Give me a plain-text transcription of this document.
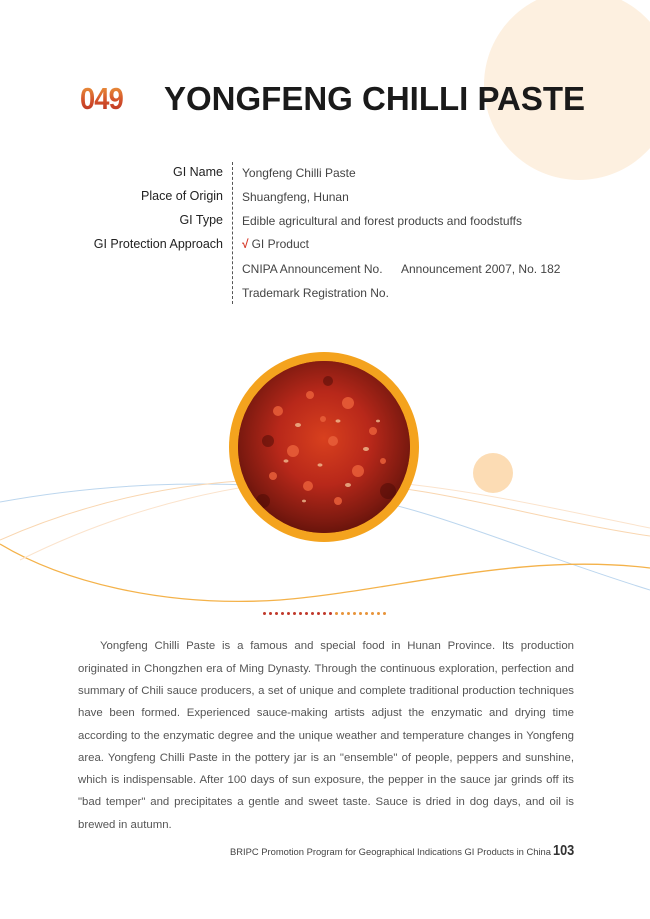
049 YONGFENG CHILLI PASTE
GI Name Yongfeng Chilli Paste
Place of Origin Shuangfeng, Hunan
GI Type Edible agricultural and forest products and foodstuffs
GI Protection Approach √ GI Product
CNIPA Announcement No. Announcement 2007, No. 182
Trademark Registration No.

Yongfeng Chilli Paste is a famous and special food in Hunan Province. Its production originated in Chongzhen era of Ming Dynasty. Through the continuous exploration, perfection and summary of Chili sauce producers, a set of unique and complete traditional production techniques have been formed. Experienced sauce-making artists adjust the enzymatic and drying time according to the enzymatic degree and the unique weather and temperature changes in Yongfeng area. Yongfeng Chilli Paste in the pottery jar is an "ensemble" of people, peppers and sunshine, which is indispensable. After 100 days of sun exposure, the pepper in the sauce jar grinds off its "bad temper" and precipitates a gentle and sweet taste. Sauce is dried in dog days, and oil is brewed in autumn.

BRIPC Promotion Program for Geographical Indications GI Products in China 103
